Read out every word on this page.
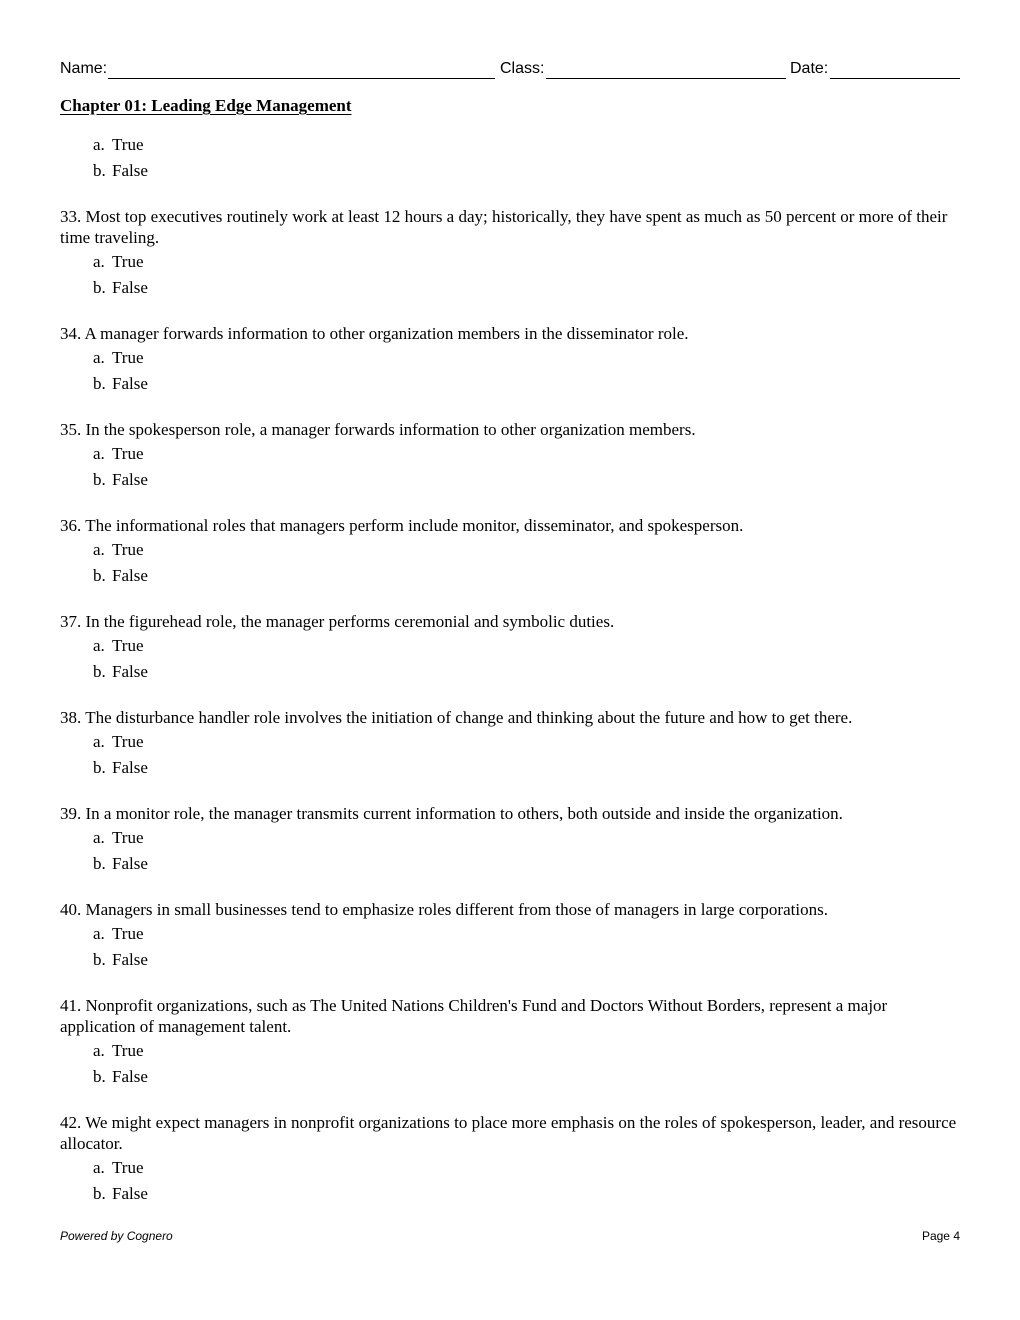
Name:	Class:	Date:
Chapter 01: Leading Edge Management
a. True
b. False
33. Most top executives routinely work at least 12 hours a day; historically, they have spent as much as 50 percent or more of their time traveling.
a. True
b. False
34. A manager forwards information to other organization members in the disseminator role.
a. True
b. False
35. In the spokesperson role, a manager forwards information to other organization members.
a. True
b. False
36. The informational roles that managers perform include monitor, disseminator, and spokesperson.
a. True
b. False
37. In the figurehead role, the manager performs ceremonial and symbolic duties.
a. True
b. False
38. The disturbance handler role involves the initiation of change and thinking about the future and how to get there.
a. True
b. False
39. In a monitor role, the manager transmits current information to others, both outside and inside the organization.
a. True
b. False
40. Managers in small businesses tend to emphasize roles different from those of managers in large corporations.
a. True
b. False
41. Nonprofit organizations, such as The United Nations Children's Fund and Doctors Without Borders, represent a major application of management talent.
a. True
b. False
42. We might expect managers in nonprofit organizations to place more emphasis on the roles of spokesperson, leader, and resource allocator.
a. True
b. False
Powered by Cognero	Page 4
